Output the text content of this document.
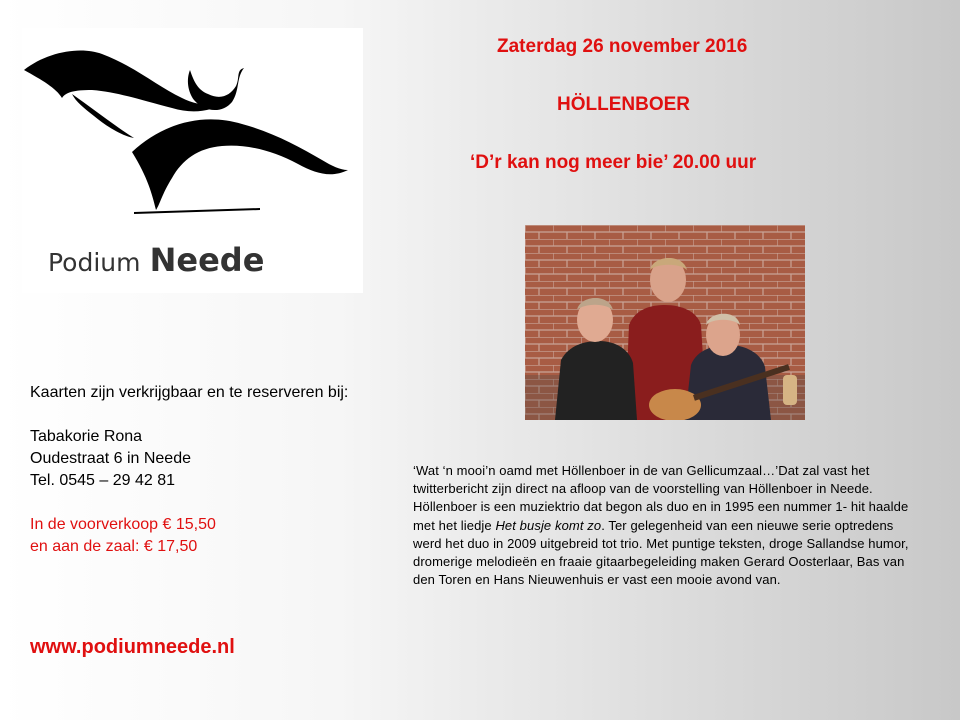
Podium Neede
Zaterdag 26 november 2016
HÖLLENBOER
‘D’r kan nog meer bie’ 20.00 uur
Kaarten zijn verkrijgbaar en te reserveren bij:
Tabakorie Rona
Oudestraat 6 in Neede
Tel. 0545 – 29 42 81
In de voorverkoop € 15,50
en aan de zaal: € 17,50
www.podiumneede.nl
‘Wat ‘n mooi’n oamd met Höllenboer in de van Gellicumzaal…’Dat zal vast het twitterbericht zijn direct na afloop van de voorstelling van Höllenboer in Neede. Höllenboer is een muziektrio dat begon als duo en in 1995 een nummer 1- hit haalde met het liedje Het busje komt zo. Ter gelegenheid van een nieuwe serie optredens werd het duo in 2009 uitgebreid tot trio. Met puntige teksten, droge Sallandse humor, dromerige melodieën en fraaie gitaarbegeleiding maken Gerard Oosterlaar, Bas van den Toren en Hans Nieuwenhuis er vast een mooie avond van.
